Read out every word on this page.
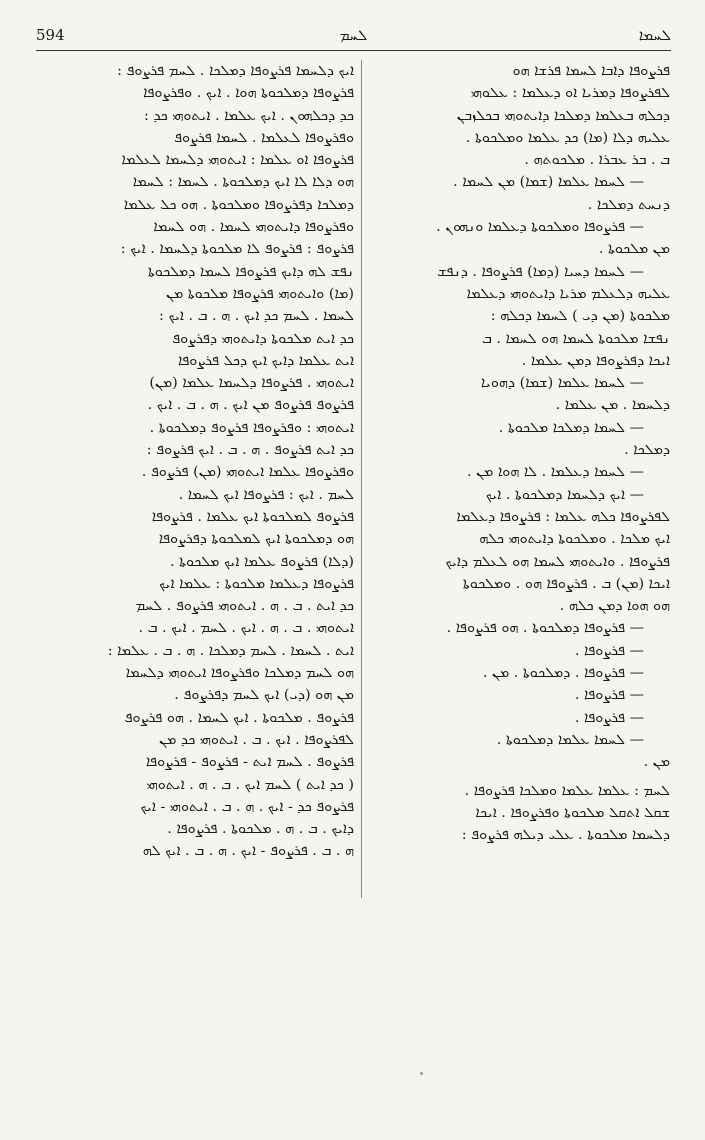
594	ܠܚܡ	ܠܚܡܐ
ܦܪܨܘܦܐ ܕܐܒܐ ܠܚܡܐ ܦܪܫܐ ܗܘ
ܠܦܪܨܘܦܐ ܕܡܪܝܐ ܐܘ ܕܥܠܡܐ : ܥܠܘܗܝ
ܕܟܠܗ ܒܥܠܡܐ ܕܡܠܟܐ ܕܐܝܬܘܗܝ ܒܟܠܙܒܢ
ܥܠܝܗ ܕܠܐ (ܡܐ) ܟܕ ܥܠܡܐ ܘܡܠܟܘܬܐ .
ܒ . ܒܪ ܥܒܪܐ . ܡܠܟܘܬܗ .
— ܠܚܡܐ ܥܠܡܐ (ܫܡܐ) ܡܢ ܠܚܡܐ .
ܕܢܚܬ ܕܡܠܟܐ .
— ܦܪܨܘܦܐ ܘܡܠܟܘܬܐ ܕܥܠܡܐ ܘܢܗܘܢ .
ܡܢ ܡܠܟܘܬܐ .
— ܠܚܡܐ ܕܚܝܐ (ܕܡܐ) ܦܪܨܘܦܐ . ܕܢܦܫ
ܥܠܝܗ ܕܠܥܠܡ ܡܪܝܐ ܕܐܝܬܘܗܝ ܕܥܠܡܐ
ܡܠܟܘܬܐ (ܡܢ ܕܝ ) ܠܚܡܐ ܕܟܠܗ :
ܢܦܫܐ ܡܠܟܘܬܐ ܠܚܡܐ ܗܘ ܠܚܡܐ . ܒ
ܐܝܟܐ ܕܦܪܨܘܦܐ ܕܡܢ ܥܠܡܐ .
— ܠܚܡܐ ܥܠܡܐ (ܫܡܐ) ܕܗܘܝܐ
ܕܠܚܡܐ . ܡܢ ܥܠܡܐ .
— ܠܚܡܐ ܕܡܠܟܐ ܡܠܟܘܬܐ .
ܕܡܠܟܐ .
— ܠܚܡܐ ܕܥܠܡܐ . ܠܐ ܗܘܐ ܡܢ .
— ܐܝܟ ܕܠܚܡܐ ܕܡܠܟܘܬܐ . ܐܝܟ
ܠܦܪܨܘܦܐ ܟܠܗ ܥܠܡܐ : ܦܪܨܘܦܐ ܕܥܠܡܐ
ܐܝܟ ܡܠܟܐ . ܘܡܠܟܘܬܐ ܕܐܝܬܘܗܝ ܟܠܗ
ܦܪܨܘܦܐ . ܘܐܝܬܘܗܝ ܠܚܡܐ ܗܘ ܠܥܠܡ ܕܐܝܟ
ܐܝܟܐ (ܡܢ) ܒ . ܦܪܨܘܦܐ ܗܘ . ܘܡܠܟܘܬܐ
ܗܘ ܗܘܐ ܕܡܢ ܟܠܗ .
— ܦܪܨܘܦܐ ܕܡܠܟܘܬܐ . ܗܘ ܦܪܨܘܦܐ .
— ܦܪܨܘܦܐ .
— ܦܪܨܘܦܐ . ܕܡܠܟܘܬܐ . ܡܢ .
— ܦܪܨܘܦܐ .
— ܦܪܨܘܦܐ .
— ܠܚܡܐ ܥܠܡܐ ܕܡܠܟܘܬܐ .
ܡܢ .
ܠܚܡ : ܥܠܡܐ ܥܠܡܐ ܘܡܠܟܐ ܦܪܨܘܦܐ .
ܫܩܠ ܐܬܩܠ ܡܠܟܘܬܐ ܘܦܪܨܘܦܐ . ܐܝܟܐ
ܕܠܚܡܐ ܡܠܟܘܬܐ . ܥܠܝ ܕܝܠܗ ܦܪܨܘܦ :
ܐܝܟ ܕܠܚܡܐ ܦܪܨܘܦܐ ܕܡܠܟܐ . ܠܚܡ ܦܪܨܘܦ :
ܦܪܨܘܦܐ ܕܡܠܟܘܬܐ ܗܘܐ . ܐܝܟ . ܘܦܪܨܘܦܐ
ܟܕ ܕܟܠܗܘܢ . ܐܝܟ ܥܠܡܐ . ܐܝܬܘܗܝ ܟܕ :
ܘܦܪܨܘܦܐ ܠܥܠܡܐ . ܠܚܡܐ ܦܪܨܘܦ
ܦܪܨܘܦܐ ܐܘ ܥܠܡܐ : ܐܝܬܘܗܝ ܕܠܚܡܐ ܠܥܠܡܐ
ܗܘ ܕܠܐ ܠܐ ܐܝܟ ܕܡܠܟܘܬܐ . ܠܚܡܐ : ܠܚܡܐ
ܕܡܠܟܐ ܕܦܪܨܘܦܐ ܘܡܠܟܘܬܐ . ܗܘ ܟܠ ܥܠܡܐ
ܘܦܪܨܘܦܐ ܕܐܝܬܘܗܝ ܠܚܡܐ . ܗܘ ܠܚܡܐ
ܦܪܨܘܦ : ܦܪܨܘܦ ܠܐ ܡܠܟܘܬܐ ܕܠܚܡܐ . ܐܝܟ :
ܢܦܫ ܠܗ ܕܐܝܟ ܦܪܨܘܦܐ ܠܚܡܐ ܕܡܠܟܘܬܐ
(ܡܐ) ܘܐܝܬܘܗܝ ܦܪܨܘܦܐ ܡܠܟܘܬܐ ܡܢ
ܠܚܡܐ . ܠܚܡ ܟܕ ܐܝܟ . ܗ . ܒ . ܐܝܟ :
ܟܕ ܐܝܬ ܡܠܟܘܬܐ ܕܐܝܬܘܗܝ ܕܦܪܨܘܦ
ܐܝܬ ܥܠܡܐ ܕܐܝܟ ܐܝܟ ܕܟܠ ܦܪܨܘܦܐ
ܐܝܬܘܗܝ . ܦܪܨܘܦܐ ܕܠܚܡܐ ܥܠܡܐ (ܡܢ)
ܦܪܨܘܦ ܦܪܨܘܦ ܡܢ ܐܝܟ . ܗ . ܒ . ܐܝܟ .
ܐܝܬܘܗܝ : ܘܦܪܨܘܦܐ ܦܪܨܘܦ ܕܡܠܟܘܬܐ .
ܟܕ ܐܝܬ ܦܪܨܘܦ . ܗ . ܒ . ܐܝܟ ܦܪܨܘܦ :
ܘܦܪܨܘܦܐ ܥܠܡܐ ܐܝܬܘܗܝ (ܡܢ) ܦܪܨܘܦ .
ܠܚܡ . ܐܝܟ : ܦܪܨܘܦܐ ܐܝܟ ܠܚܡܐ .
ܦܪܨܘܦ ܠܡܠܟܘܬܐ ܐܝܟ ܥܠܡܐ . ܦܪܨܘܦܐ
ܗܘ ܕܡܠܟܘܬܐ ܐܝܟ ܠܡܠܟܘܬܐ ܕܦܪܨܘܦܐ
(ܕܠܐ) ܦܪܨܘܦ ܥܠܡܐ ܐܝܟ ܡܠܟܘܬܐ .
ܦܪܨܘܦܐ ܕܥܠܡܐ ܡܠܟܘܬܐ : ܥܠܡܐ ܐܝܟ
ܟܕ ܐܝܬ . ܒ . ܗ . ܐܝܬܘܗܝ ܦܪܨܘܦ . ܠܚܡ
ܐܝܬܘܗܝ . ܒ . ܗ . ܐܝܟ . ܠܚܡ . ܐܝܟ . ܒ .
ܐܝܬ . ܠܚܡܐ . ܠܚܡ ܕܡܠܟܐ . ܗ . ܒ . ܥܠܡܐ :
ܗܘ ܠܚܡ ܕܡܠܟܐ ܘܦܪܨܘܦܐ ܐܝܬܘܗܝ ܕܠܚܡܐ
ܡܢ ܗܘ (ܕܝ) ܐܝܟ ܠܚܡ ܕܦܪܨܘܦ .
ܦܪܨܘܦ . ܡܠܟܘܬܐ . ܐܝܟ ܠܚܡܐ . ܗܘ ܦܪܨܘܦ
ܠܦܪܨܘܦܐ . ܐܝܟ . ܒ . ܐܝܬܘܗܝ ܟܕ ܡܢ
ܦܪܨܘܦ . ܠܚܡ ܐܝܬ - ܦܪܨܘܦ - ܦܪܨܘܦܐ
( ܟܕ ܐܝܬ ) ܠܚܡ ܐܝܟ . ܒ . ܗ . ܐܝܬܘܗܝ
ܦܪܨܘܦ ܟܕ - ܐܝܟ . ܗ . ܒ . ܐܝܬܘܗܝ - ܐܝܟ
ܕܐܝܟ . ܒ . ܗ . ܡܠܟܘܬܐ . ܦܪܨܘܦܐ .
ܗ . ܒ . ܦܪܨܘܦ - ܐܝܟ . ܗ . ܒ . ܐܝܟ ܠܗ
